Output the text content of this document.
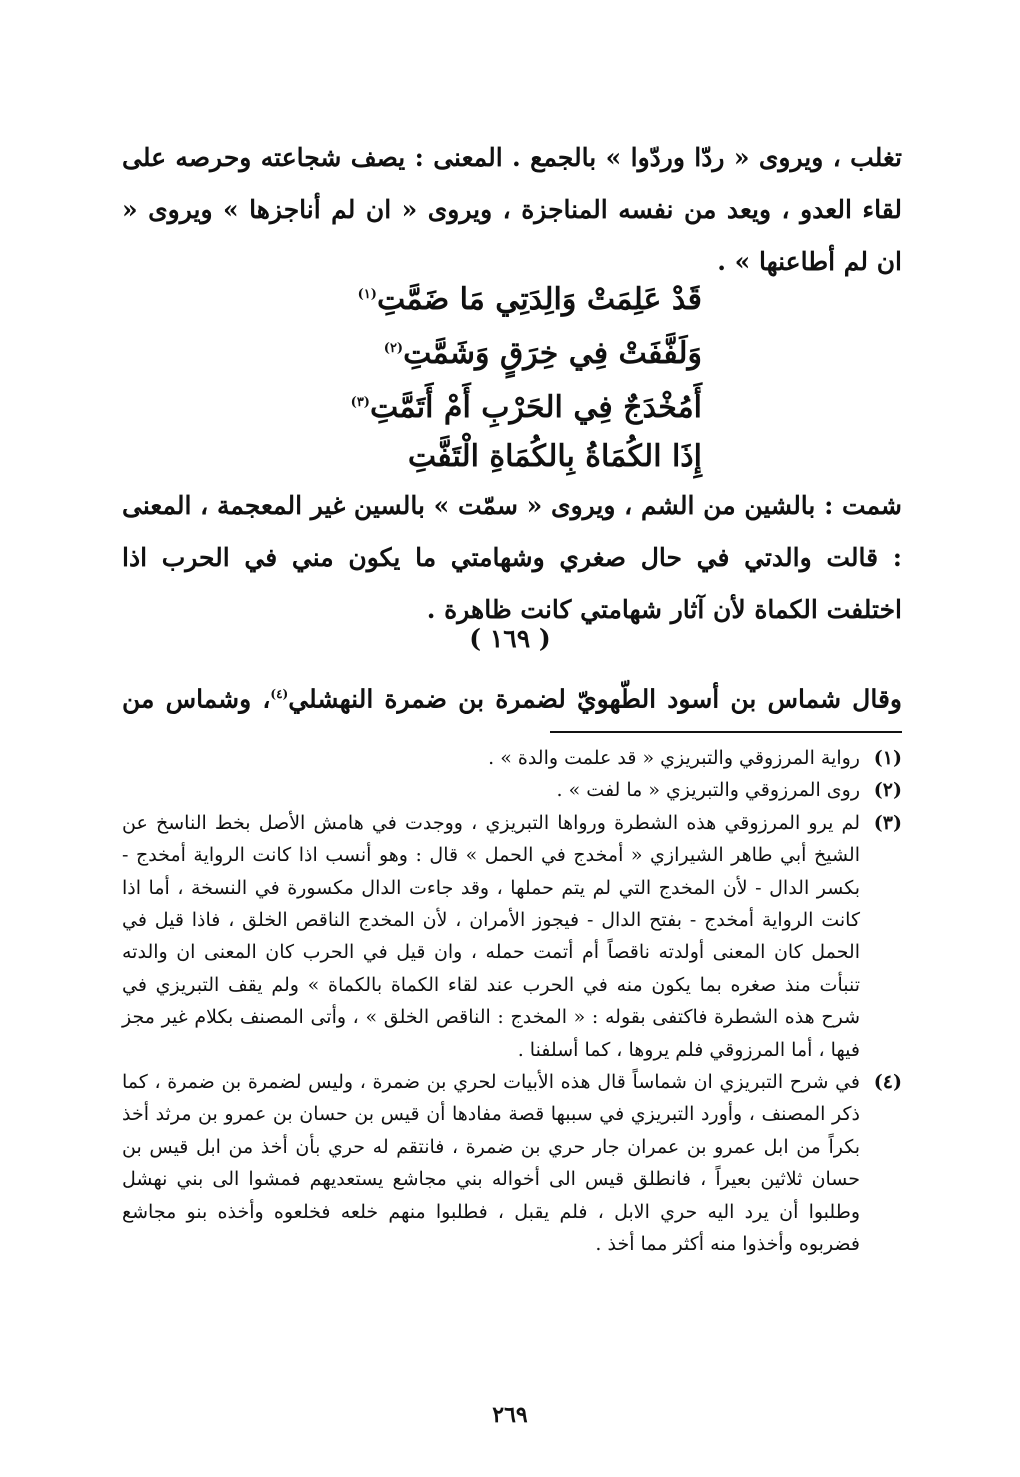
تغلب ، ويروى « ردّا وردّوا » بالجمع . المعنى : يصف شجاعته وحرصه على لقاء العدو ، ويعد من نفسه المناجزة ، ويروى « ان لم أناجزها » ويروى « ان لم أطاعنها » .

قَدْ عَلِمَتْ وَالِدَتِي مَا ضَمَّتِ$^{(١)}$
وَلَفَّفَتْ فِي خِرَقٍ وَشَمَّتِ$^{(٢)}$
أَمُخْدَجٌ فِي الحَرْبِ أَمْ أَتَمَّتِ$^{(٣)}$
إِذَا الكُمَاةُ بِالكُمَاةِ الْتَفَّتِ

شمت : بالشين من الشم ، ويروى « سمّت » بالسين غير المعجمة ، المعنى : قالت والدتي في حال صغري وشهامتي ما يكون مني في الحرب اذا اختلفت الكماة لأن آثار شهامتي كانت ظاهرة .

( ١٦٩ )
وقال شماس بن أسود الطّهويّ لضمرة بن ضمرة النهشلي$^{(٤)}$، وشماس من
(١)
رواية المرزوقي والتبريزي « قد علمت والدة » .
(٢)
روى المرزوقي والتبريزي « ما لفت » .
(٣)
لم يرو المرزوقي هذه الشطرة ورواها التبريزي ، ووجدت في هامش الأصل بخط الناسخ عن الشيخ أبي طاهر الشيرازي « أمخدج في الحمل » قال : وهو أنسب اذا كانت الرواية أمخدج - بكسر الدال - لأن المخدج التي لم يتم حملها ، وقد جاءت الدال مكسورة في النسخة ، أما اذا كانت الرواية أمخدج - بفتح الدال - فيجوز الأمران ، لأن المخدج الناقص الخلق ، فاذا قيل في الحمل كان المعنى أولدته ناقصاً أم أتمت حمله ، وان قيل في الحرب كان المعنى ان والدته تنبأت منذ صغره بما يكون منه في الحرب عند لقاء الكماة بالكماة » ولم يقف التبريزي في شرح هذه الشطرة فاكتفى بقوله : « المخدج : الناقص الخلق » ، وأتى المصنف بكلام غير مجز فيها ، أما المرزوقي فلم يروها ، كما أسلفنا .
(٤)
في شرح التبريزي ان شماساً قال هذه الأبيات لحري بن ضمرة ، وليس لضمرة بن ضمرة ، كما ذكر المصنف ، وأورد التبريزي في سببها قصة مفادها أن قيس بن حسان بن عمرو بن مرثد أخذ بكراً من ابل عمرو بن عمران جار حري بن ضمرة ، فانتقم له حري بأن أخذ من ابل قيس بن حسان ثلاثين بعيراً ، فانطلق قيس الى أخواله بني مجاشع يستعديهم فمشوا الى بني نهشل وطلبوا أن يرد اليه حري الابل ، فلم يقبل ، فطلبوا منهم خلعه فخلعوه وأخذه بنو مجاشع فضربوه وأخذوا منه أكثر مما أخذ .
٢٦٩
